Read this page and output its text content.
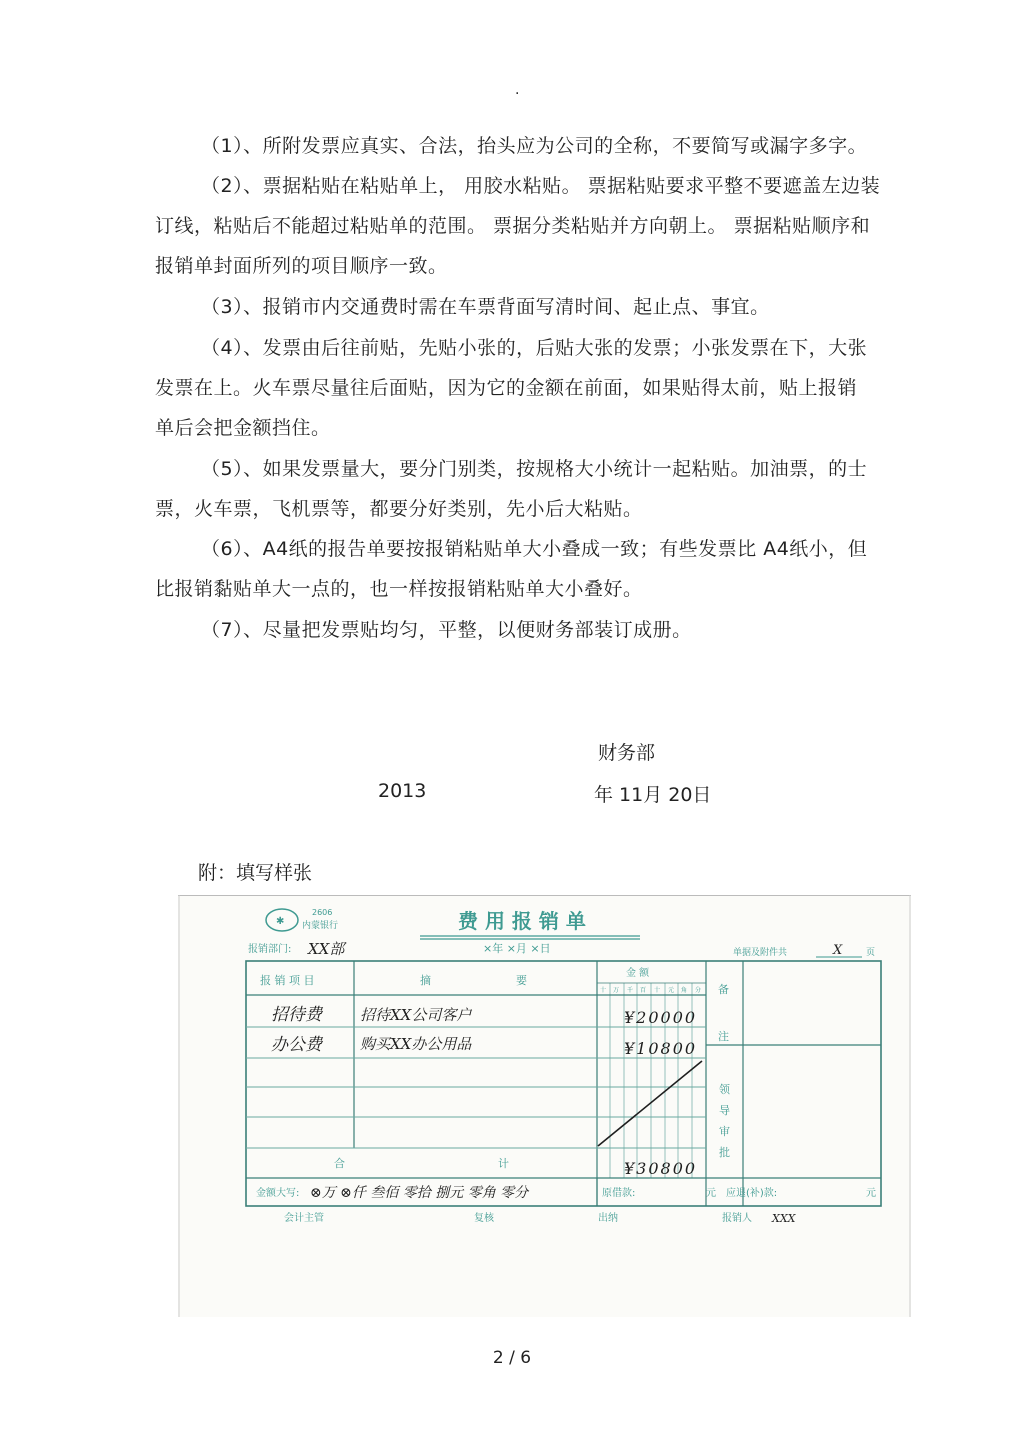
.
（1）、所附发票应真实、合法，抬头应为公司的全称，不要简写或漏字多字。
（2）、票据粘贴在粘贴单上， 用胶水粘贴。 票据粘贴要求平整不要遮盖左边装
订线，粘贴后不能超过粘贴单的范围。 票据分类粘贴并方向朝上。 票据粘贴顺序和
报销单封面所列的项目顺序一致。
（3）、报销市内交通费时需在车票背面写清时间、起止点、事宜。
（4）、发票由后往前贴，先贴小张的，后贴大张的发票；小张发票在下，大张
发票在上。火车票尽量往后面贴，因为它的金额在前面，如果贴得太前，贴上报销
单后会把金额挡住。
（5）、如果发票量大，要分门别类，按规格大小统计一起粘贴。加油票，的士
票，火车票，飞机票等，都要分好类别，先小后大粘贴。
（6）、A4纸的报告单要按报销粘贴单大小叠成一致；有些发票比 A4纸小，但
比报销黏贴单大一点的，也一样按报销粘贴单大小叠好。
（7）、尽量把发票贴均匀，平整，以便财务部装订成册。
财务部
2013	年 11月 20日
附：填写样张
✱
2606
内蒙银行	费 用 报 销 单
报销部门: XX部	×年 ×月 ×日	单据及附件共	X	页
报 销 项 目	摘	要
金 额
十 万 千 百 十 元 角 分 备
注
领
导
审
批
招待费	招待XX公司客户	¥20000
办公费	购买XX办公用品	¥10800
合	计	¥30800
金额大写: ⊗万 ⊗仟 叁佰 零拾 捌元 零角 零分	原借款:	元 应退(补)款:	元
会计主管	复核	出纳	报销人 XXX
2 / 6
